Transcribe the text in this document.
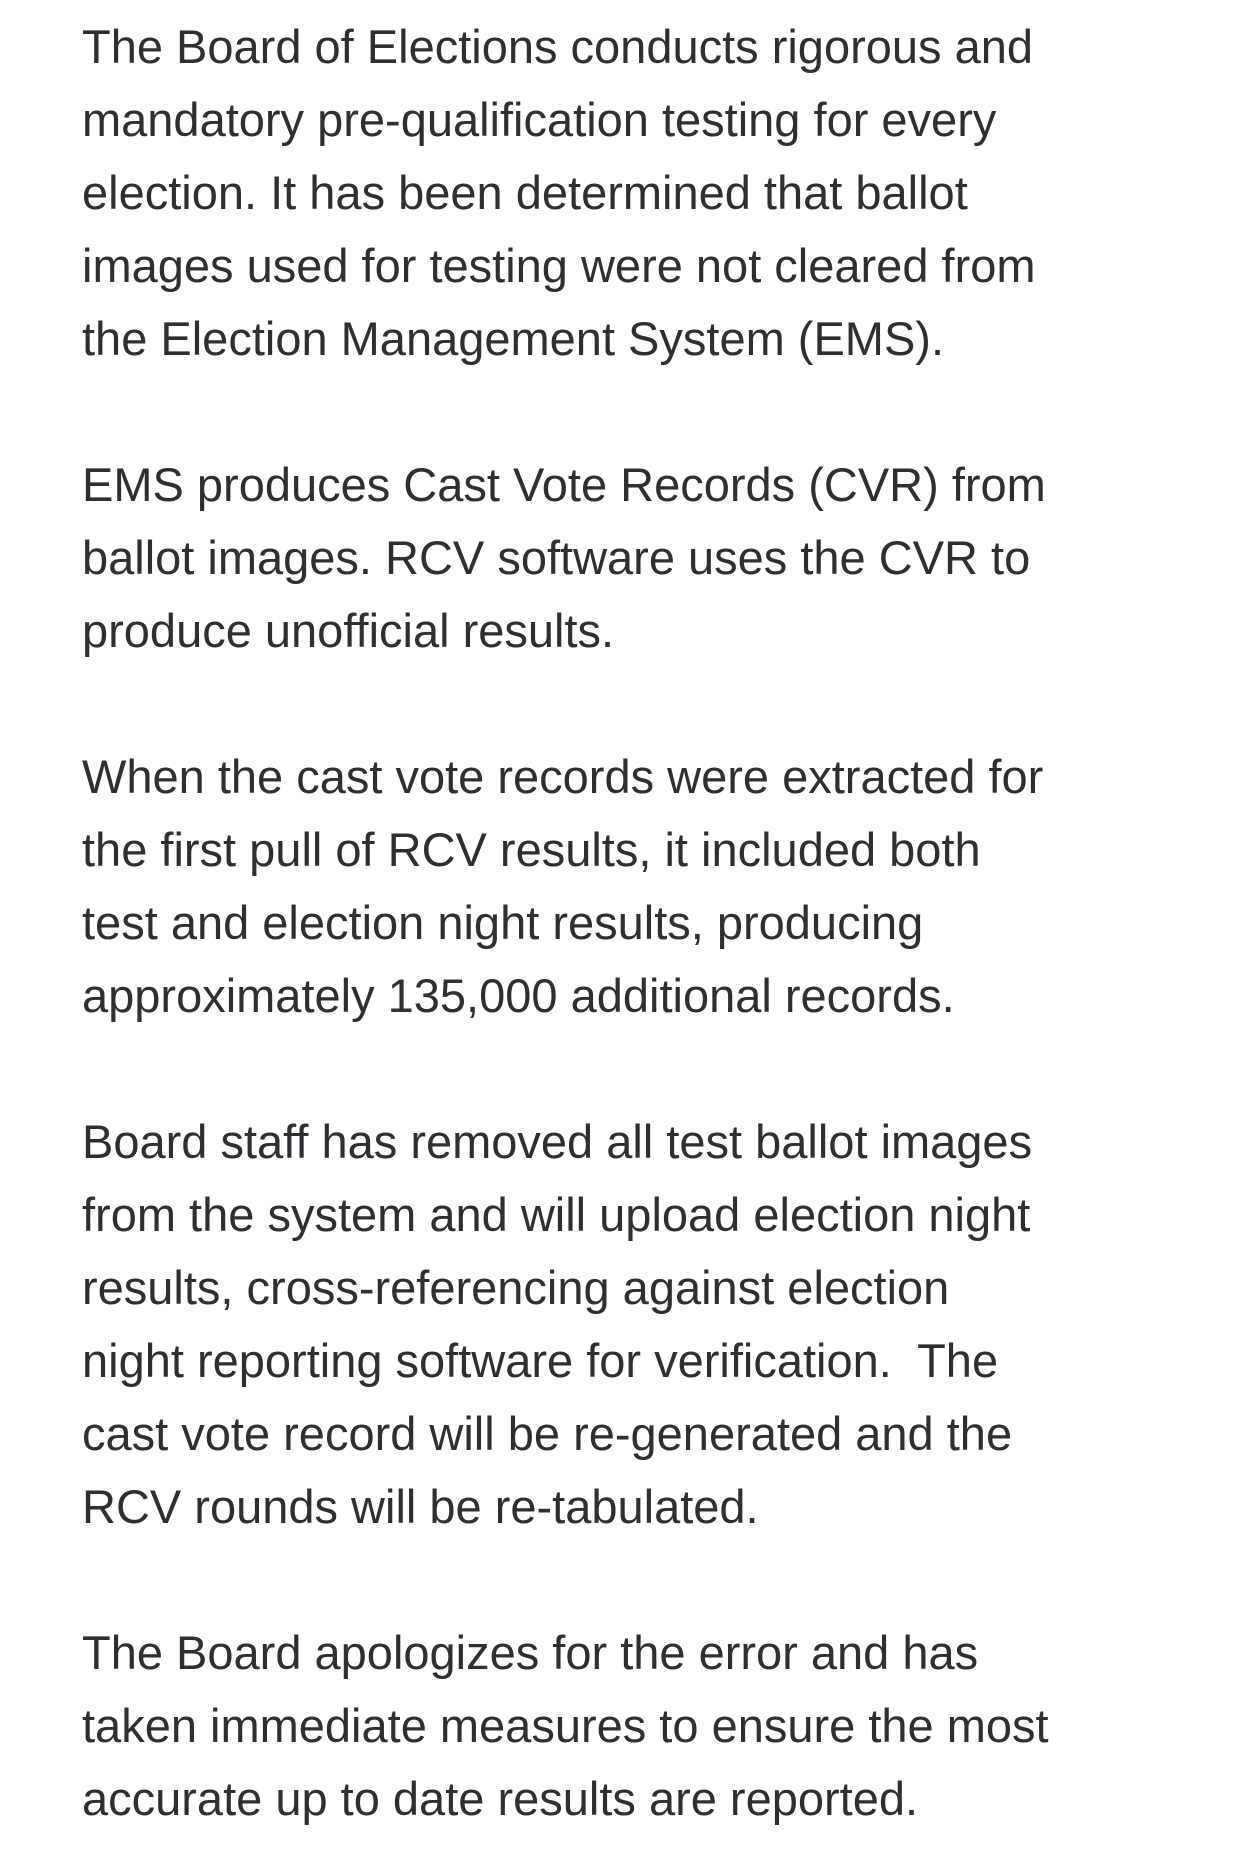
The Board of Elections conducts rigorous and
mandatory pre-qualification testing for every
election. It has been determined that ballot
images used for testing were not cleared from
the Election Management System (EMS).

EMS produces Cast Vote Records (CVR) from
ballot images. RCV software uses the CVR to
produce unofficial results.

When the cast vote records were extracted for
the first pull of RCV results, it included both
test and election night results, producing
approximately 135,000 additional records.

Board staff has removed all test ballot images
from the system and will upload election night
results, cross-referencing against election
night reporting software for verification.  The
cast vote record will be re-generated and the
RCV rounds will be re-tabulated.

The Board apologizes for the error and has
taken immediate measures to ensure the most
accurate up to date results are reported.
